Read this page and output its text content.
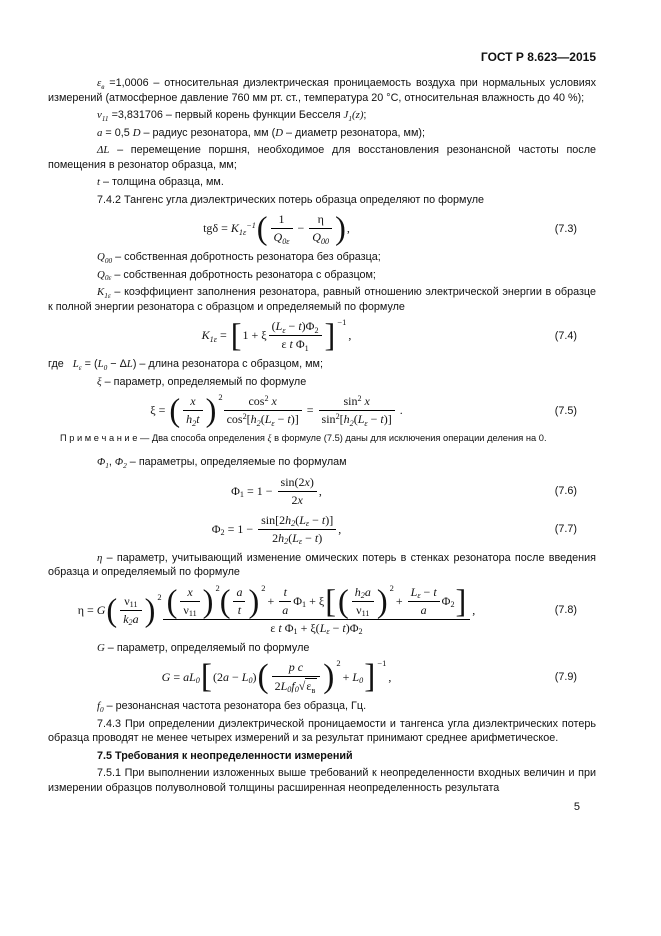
ГОСТ Р 8.623—2015

$\varepsilon_в =1,0006$ – относительная диэлектрическая проницаемость воздуха при нормальных условиях измерений (атмосферное давление 760 мм рт. ст., температура 20 °С, относительная влажность до 40 %);

$\nu_{11} =3,831706$ – первый корень функции Бесселя $J_1(z)$;

a = 0,5 D – радиус резонатора, мм (D – диаметр резонатора, мм);

ΔL – перемещение поршня, необходимое для восстановления резонансной частоты после помещения в резонатор образца, мм;

t – толщина образца, мм.

7.4.2 Тангенс угла диэлектрических потерь образца определяют по формуле

tg $\delta = K_{1\varepsilon}^{-1}$ ( $\frac{1}{Q_{0\varepsilon}} - \frac{\eta}{Q_{00}}$ ) ,	(7.3)

$Q_{00}$ – собственная добротность резонатора без образца;

$Q_{0\varepsilon}$ – собственная добротность резонатора с образцом;

$K_{1\varepsilon}$ – коэффициент заполнения резонатора, равный отношению электрической энергии в образце к полной энергии резонатора с образцом и определяемый по формуле

$K_{1\varepsilon}$ = [ 1 + ξ $\frac{( L_\varepsilon - t ) \Phi_2}{\varepsilon t \Phi_1}$ ] −1
,	(7.4)

где   $L_\varepsilon = (L_0 - \Delta L)$ – длина резонатора с образцом, мм;

ξ – параметр, определяемый по формуле

ξ = ( $\frac{x}{h_2 t}$ ) 2 $\cos^2$
x
$\cos^2$ [ $h_2$ ( $L_\varepsilon - t$ )] = $\sin^2$
x
$\sin^2$ [ $h_2$ ( $L_\varepsilon - t$ )] .	(7.5)

П р и м е ч а н и е — Два способа определения ξ в формуле (7.5) даны для исключения операции деления на 0.

$\Phi_1$, $\Phi_2$ – параметры, определяемые по формулам

$\Phi_1 = 1 - \frac{\sin(2 x )}{2 x}$ ,	(7.6)
$\Phi_2 = 1 - \frac{\sin[2 h_2 ( L_\varepsilon - t )]}{2 h_2 ( L_\varepsilon - t )}$ ,	(7.7)

η – параметр, учитывающий изменение омических потерь в стенках резонатора после введения образца и определяемый по формуле

η = G ( $\frac{\nu_{11}}{k_2 a}$ ) 2 ( $\frac{x}{\nu_{11}}$ ) 2 ( $\frac{a}{t}$ ) 2
+ $\frac{t}{a} \Phi_1 + \xi$ [ ( $\frac{h_2 a}{\nu_{11}}$ ) 2
+ $\frac{L_\varepsilon - t}{a} \Phi_2$ ]
ε t $\Phi_1 + \xi$( $L_\varepsilon - t$ )$\Phi_2$ ,	(7.8)

G – параметр, определяемый по формуле

G = a $L_0$ [ (2 $a - L_0$ ) ( $\frac{\text{p c}}{2 L_0 f_0 √ \varepsilon_в}$ ) 2
+ $L_0$ ] −1
,	(7.9)

$f_0$ – резонансная частота резонатора без образца, Гц.

7.4.3 При определении диэлектрической проницаемости и тангенса угла диэлектрических потерь образца проводят не менее четырех измерений и за результат принимают среднее арифметическое.

7.5 Требования к неопределенности измерений

7.5.1 При выполнении изложенных выше требований к неопределенности входных величин и при измерении образцов полуволновой толщины расширенная неопределенность результата

5
